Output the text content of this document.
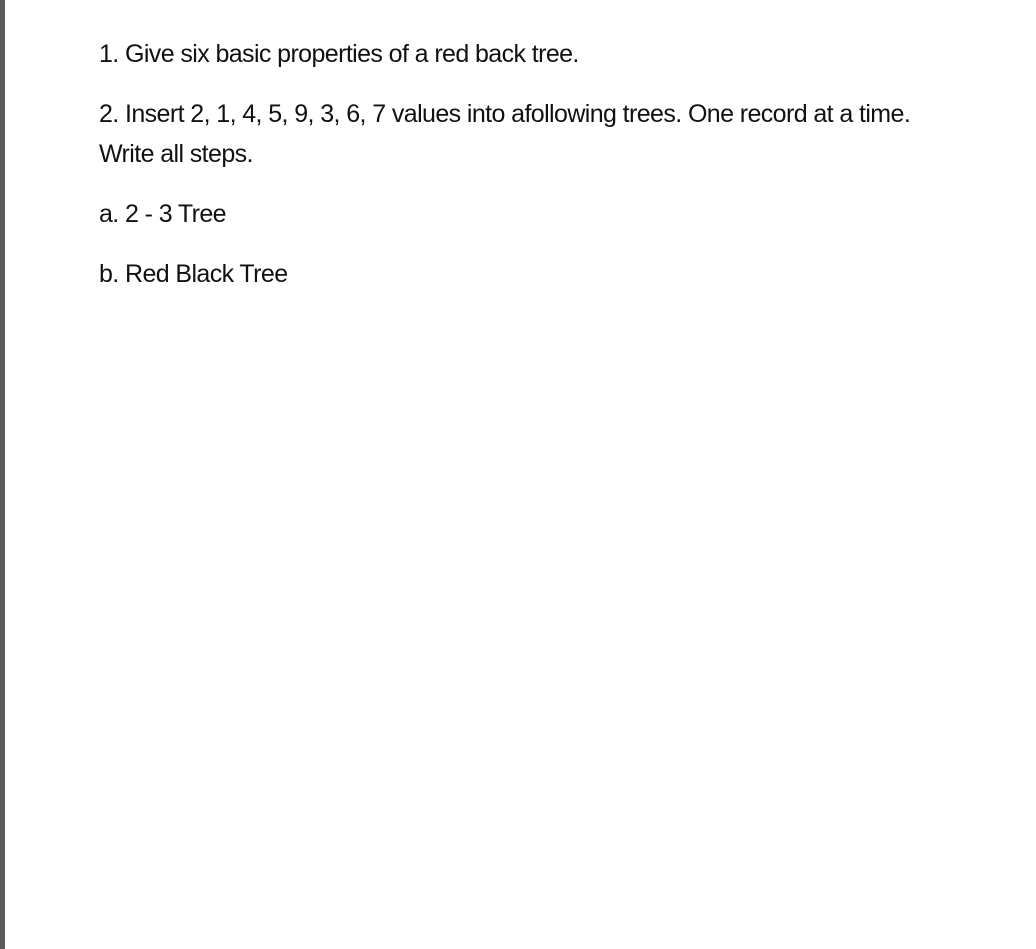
1. Give six basic properties of a red back tree.

2. Insert 2, 1, 4, 5, 9, 3, 6, 7 values into afollowing trees. One record at a time.

Write all steps.

a. 2 - 3 Tree

b. Red Black Tree
